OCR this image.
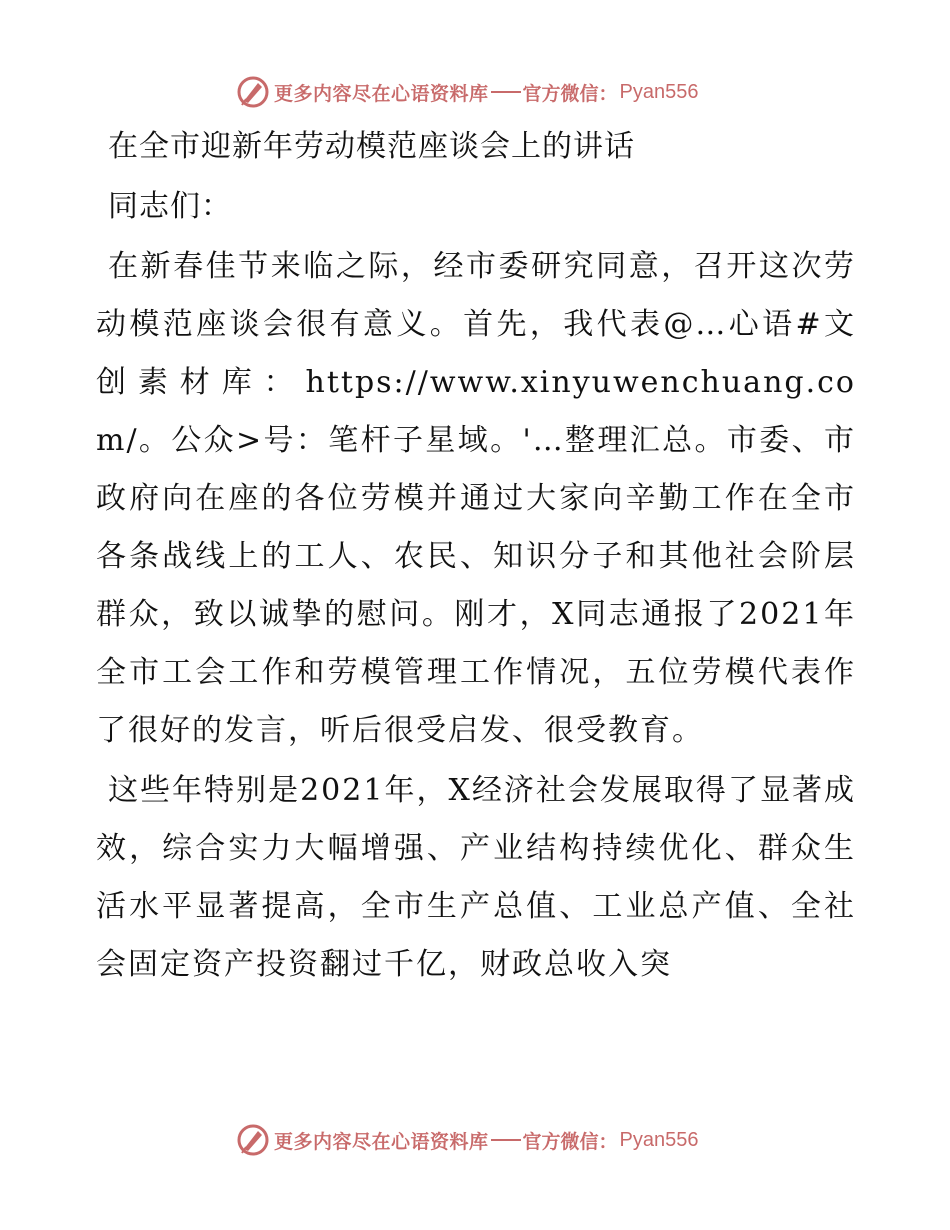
更多内容尽在心语资料库 官方微信： Pyan556
在全市迎新年劳动模范座谈会上的讲话
同志们：

在新春佳节来临之际，经市委研究同意，召开这次劳动模范座谈会很有意义。首先，我代表@…心语#文创素材库：https://www.xinyuwenchuang.com/。公众>号：笔杆子星域。'…整理汇总。市委、市政府向在座的各位劳模并通过大家向辛勤工作在全市各条战线上的工人、农民、知识分子和其他社会阶层群众，致以诚挚的慰问。刚才，X同志通报了2021年全市工会工作和劳模管理工作情况，五位劳模代表作了很好的发言，听后很受启发、很受教育。

这些年特别是2021年，X经济社会发展取得了显著成效，综合实力大幅增强、产业结构持续优化、群众生活水平显著提高，全市生产总值、工业总产值、全社会固定资产投资翻过千亿，财政总收入突

更多内容尽在心语资料库 官方微信： Pyan556
